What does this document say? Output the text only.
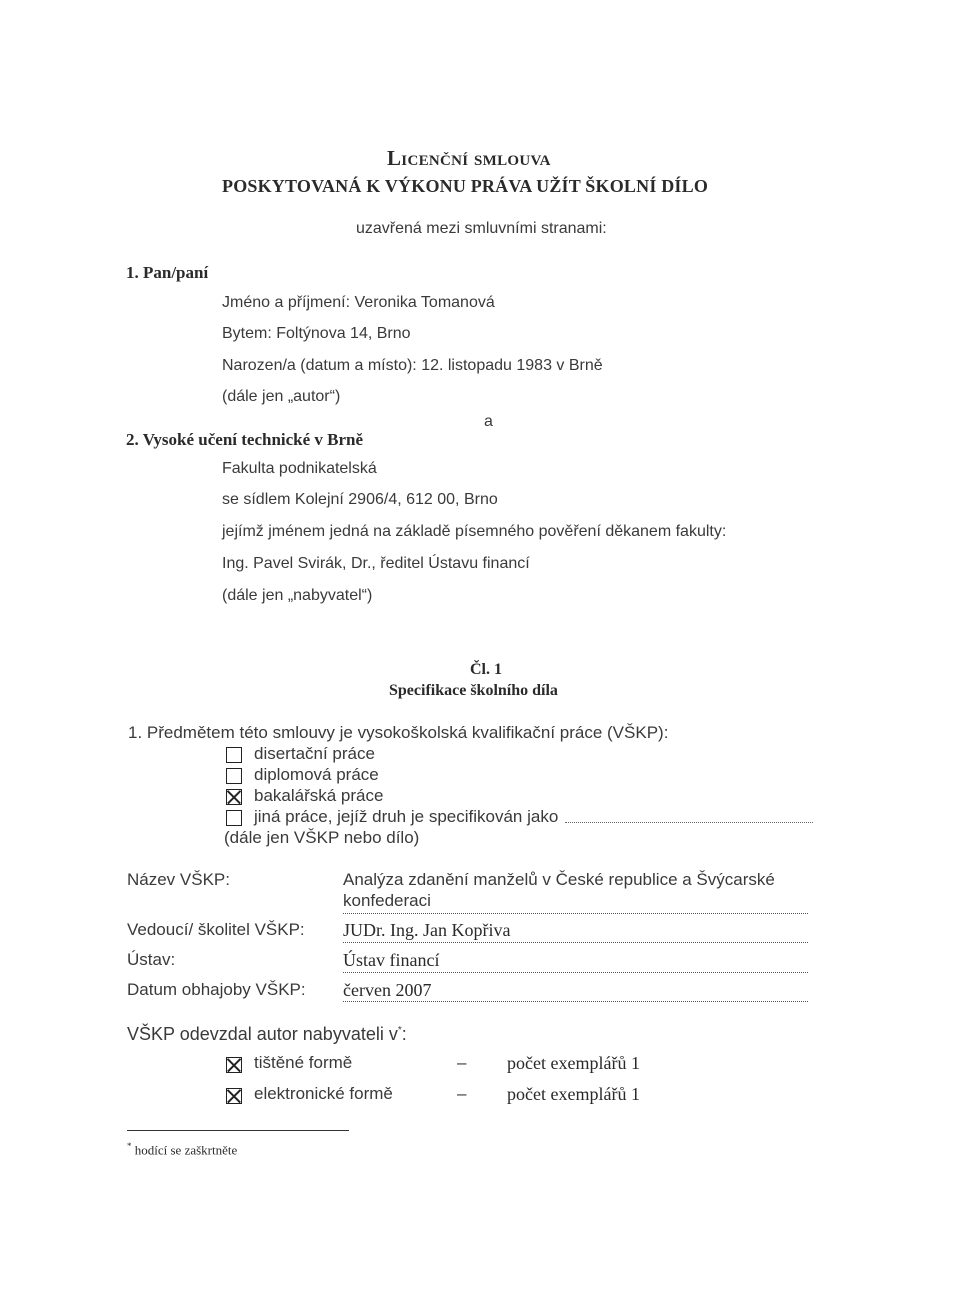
Licenční smlouva
POSKYTOVANÁ K VÝKONU PRÁVA UŽÍT ŠKOLNÍ DÍLO
uzavřená mezi smluvními stranami:
1. Pan/paní
Jméno a příjmení: Veronika Tomanová
Bytem: Foltýnova 14, Brno
Narozen/a (datum a místo): 12. listopadu 1983 v Brně
(dále jen „autor“)
a
2. Vysoké učení technické v Brně
Fakulta podnikatelská
se sídlem Kolejní 2906/4, 612 00, Brno
jejímž jménem jedná na základě písemného pověření děkanem fakulty:
Ing. Pavel Svirák, Dr., ředitel Ústavu financí
(dále jen „nabyvatel“)
Čl. 1
Specifikace školního díla
1. Předmětem této smlouvy je vysokoškolská kvalifikační práce (VŠKP):
disertační práce
diplomová práce
bakalářská práce
jiná práce, jejíž druh je specifikován jako
(dále jen VŠKP nebo dílo)
Název VŠKP:	Analýza zdanění manželů v České republice a Švýcarské
konfederaci
Vedoucí/ školitel VŠKP: JUDr. Ing. Jan Kopřiva
Ústav:	Ústav financí
Datum obhajoby VŠKP: červen 2007
VŠKP odevzdal autor nabyvateli v*:
tištěné formě	– počet exemplářů 1
elektronické formě	– počet exemplářů 1
* hodící se zaškrtněte
